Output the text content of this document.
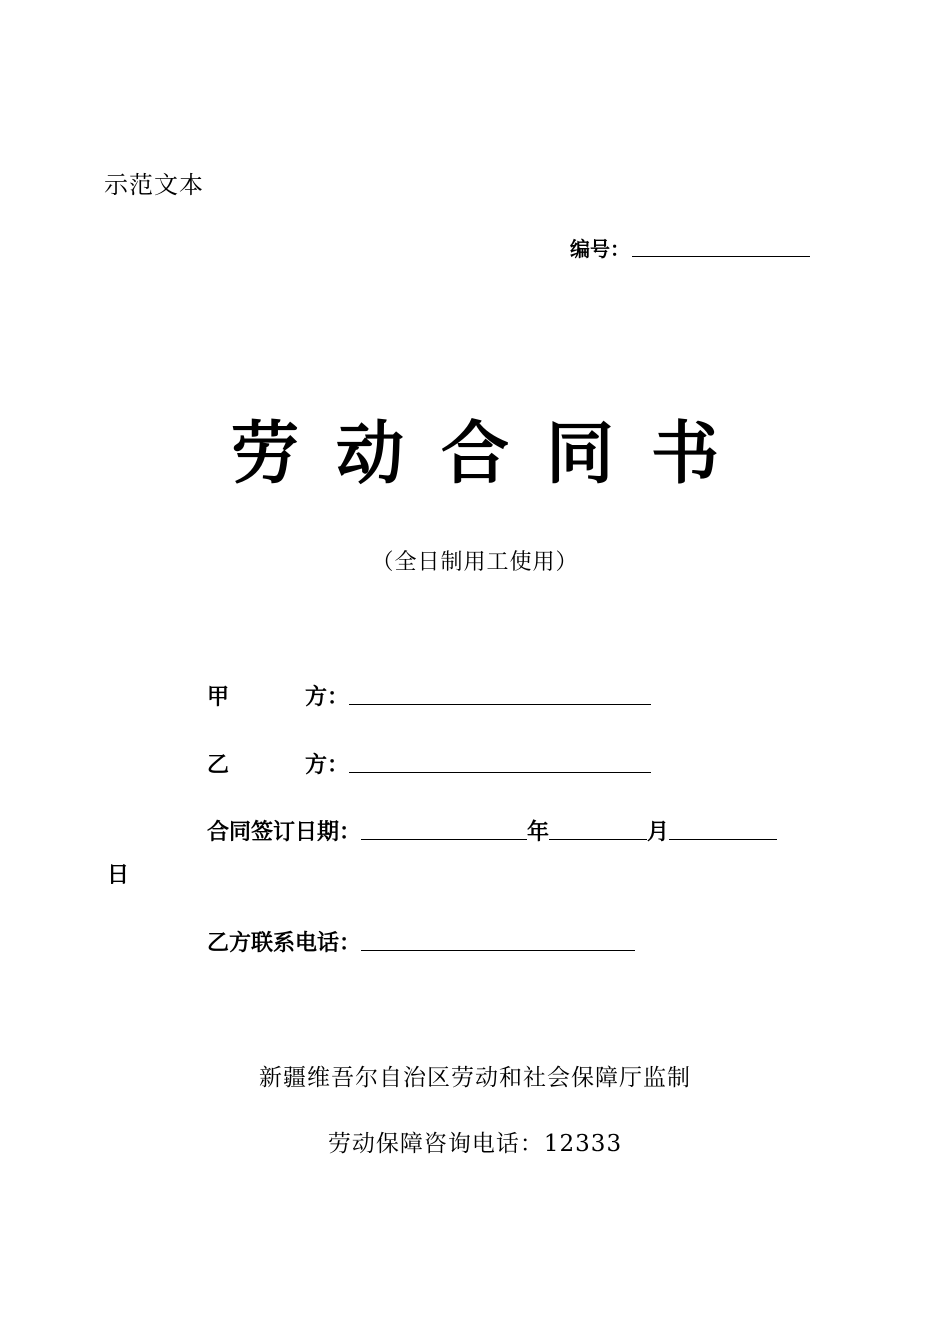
示范文本
编号：
劳动合同书
（全日制用工使用）
甲	方：
乙	方：
合同签订日期：	年	月
日
乙方联系电话：
新疆维吾尔自治区劳动和社会保障厅监制
劳动保障咨询电话：12333
